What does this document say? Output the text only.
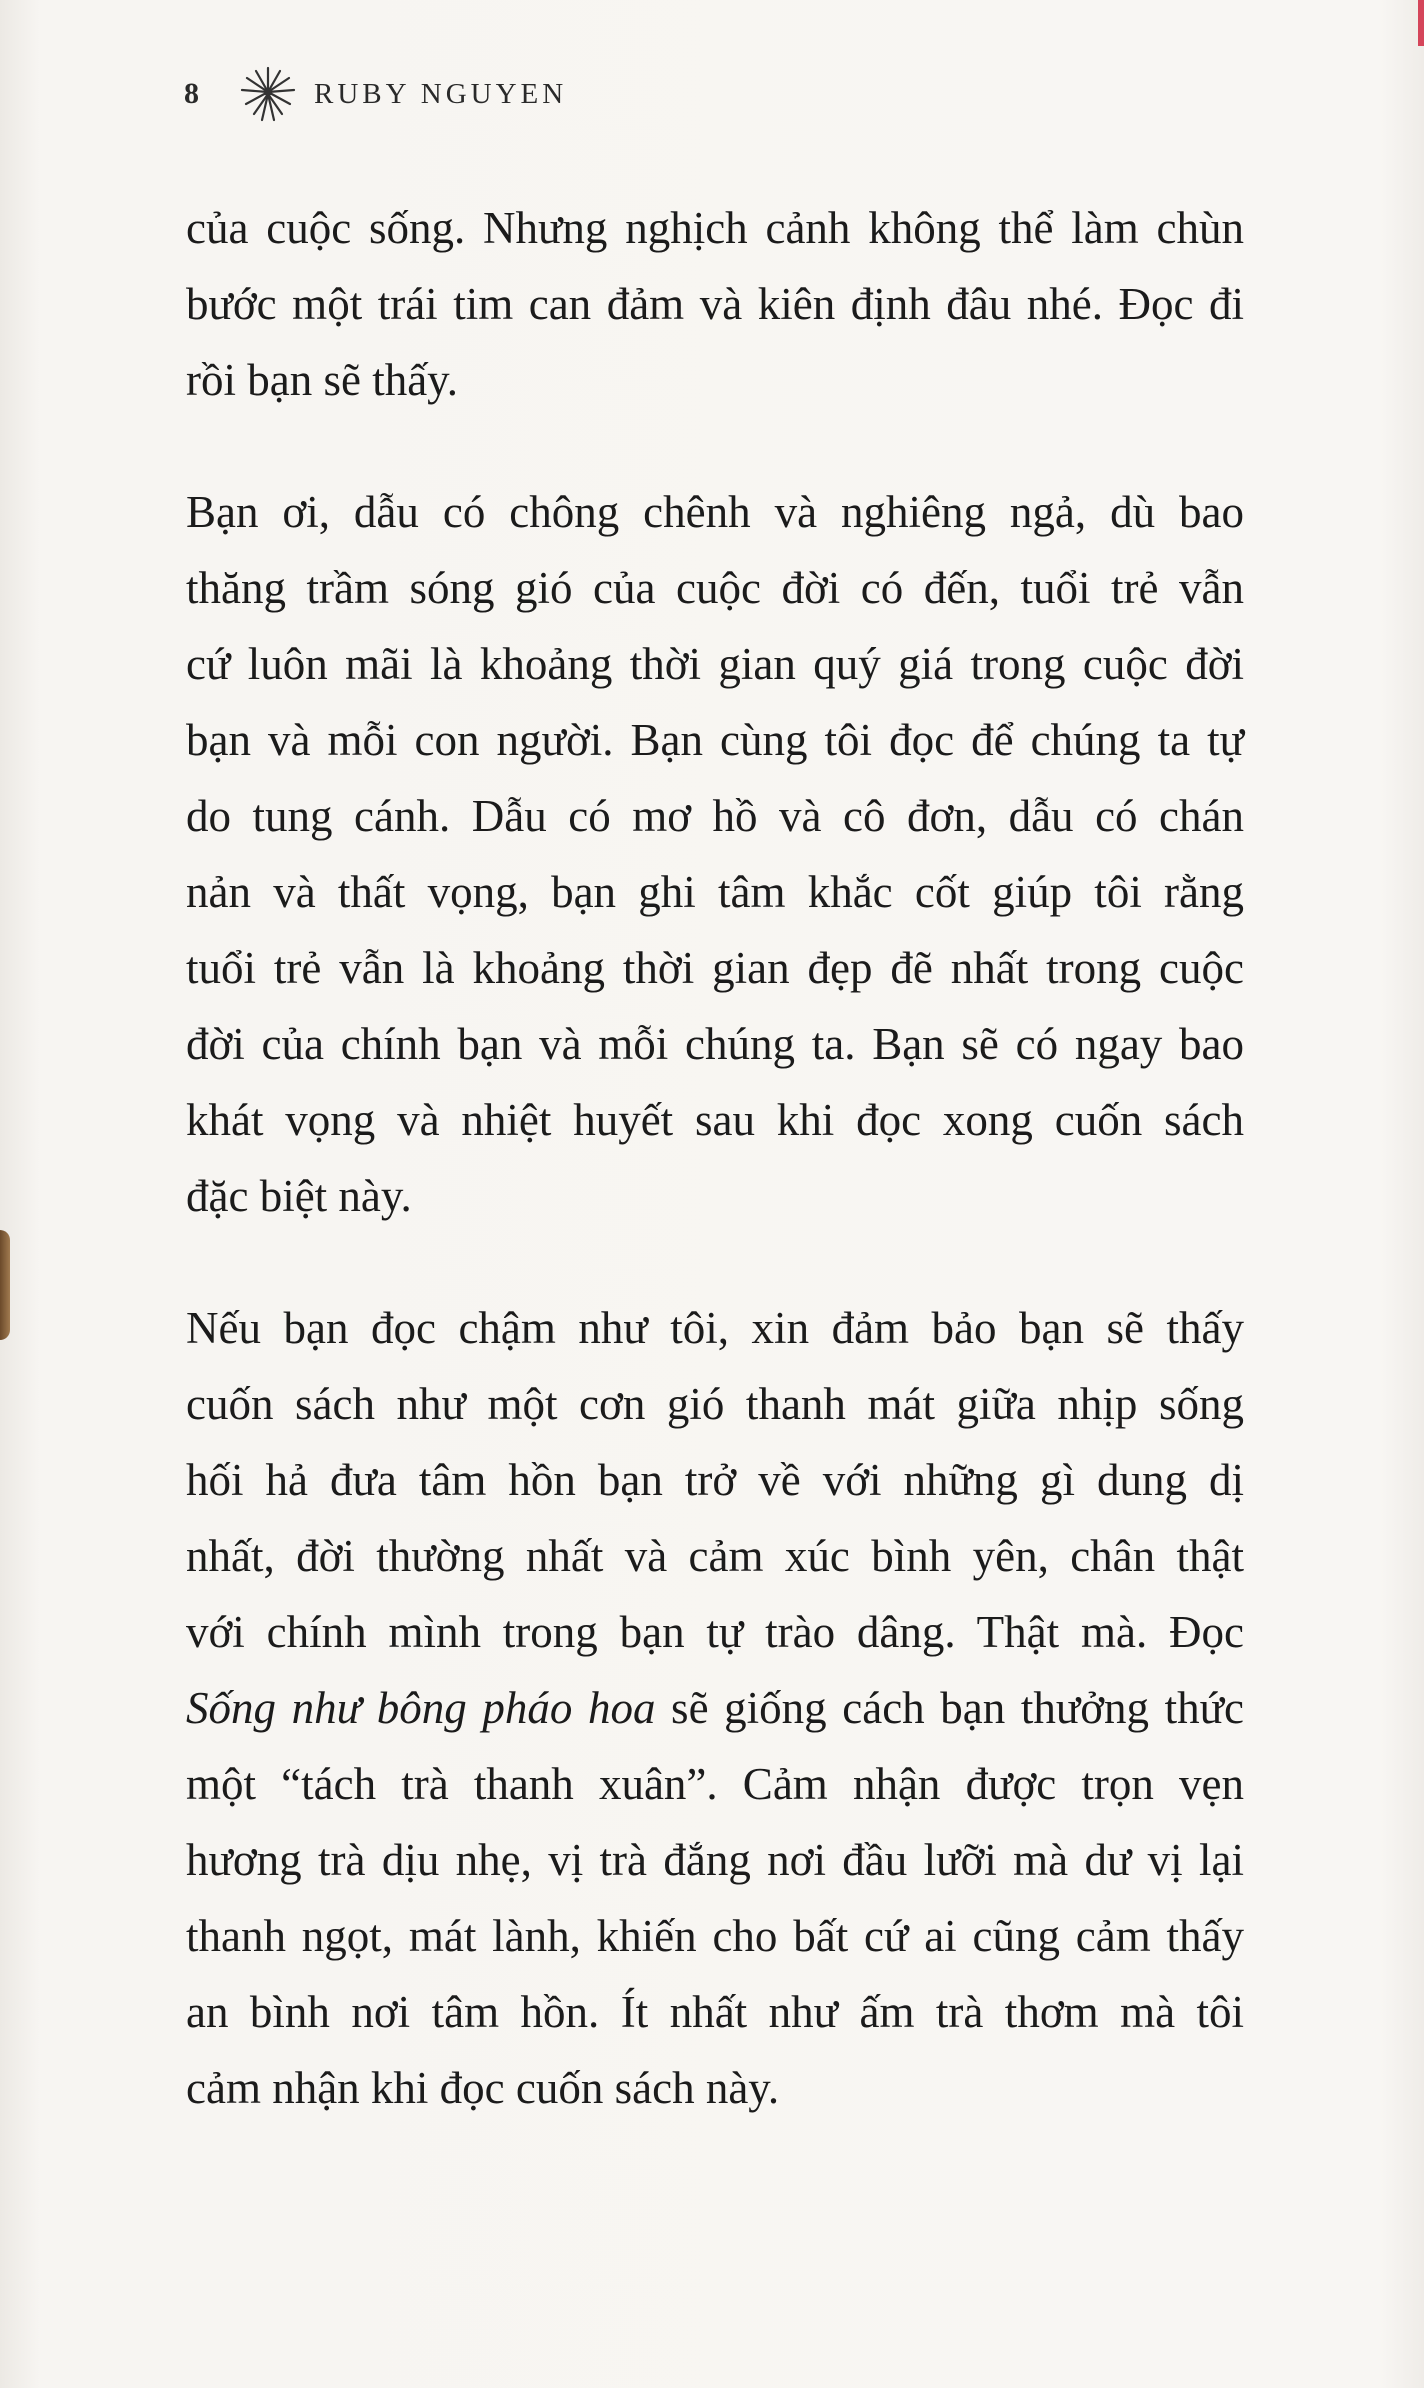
8	RUBY NGUYEN
của cuộc sống. Nhưng nghịch cảnh không thể làm chùn
bước một trái tim can đảm và kiên định đâu nhé. Đọc đi
rồi bạn sẽ thấy.
Bạn ơi, dẫu có chông chênh và nghiêng ngả, dù bao
thăng trầm sóng gió của cuộc đời có đến, tuổi trẻ vẫn
cứ luôn mãi là khoảng thời gian quý giá trong cuộc đời
bạn và mỗi con người. Bạn cùng tôi đọc để chúng ta tự
do tung cánh. Dẫu có mơ hồ và cô đơn, dẫu có chán
nản và thất vọng, bạn ghi tâm khắc cốt giúp tôi rằng
tuổi trẻ vẫn là khoảng thời gian đẹp đẽ nhất trong cuộc
đời của chính bạn và mỗi chúng ta. Bạn sẽ có ngay bao
khát vọng và nhiệt huyết sau khi đọc xong cuốn sách
đặc biệt này.
Nếu bạn đọc chậm như tôi, xin đảm bảo bạn sẽ thấy
cuốn sách như một cơn gió thanh mát giữa nhịp sống
hối hả đưa tâm hồn bạn trở về với những gì dung dị
nhất, đời thường nhất và cảm xúc bình yên, chân thật
với chính mình trong bạn tự trào dâng. Thật mà. Đọc
Sống như bông pháo hoa sẽ giống cách bạn thưởng thức
một “tách trà thanh xuân”. Cảm nhận được trọn vẹn
hương trà dịu nhẹ, vị trà đắng nơi đầu lưỡi mà dư vị lại
thanh ngọt, mát lành, khiến cho bất cứ ai cũng cảm thấy
an bình nơi tâm hồn. Ít nhất như ấm trà thơm mà tôi
cảm nhận khi đọc cuốn sách này.
